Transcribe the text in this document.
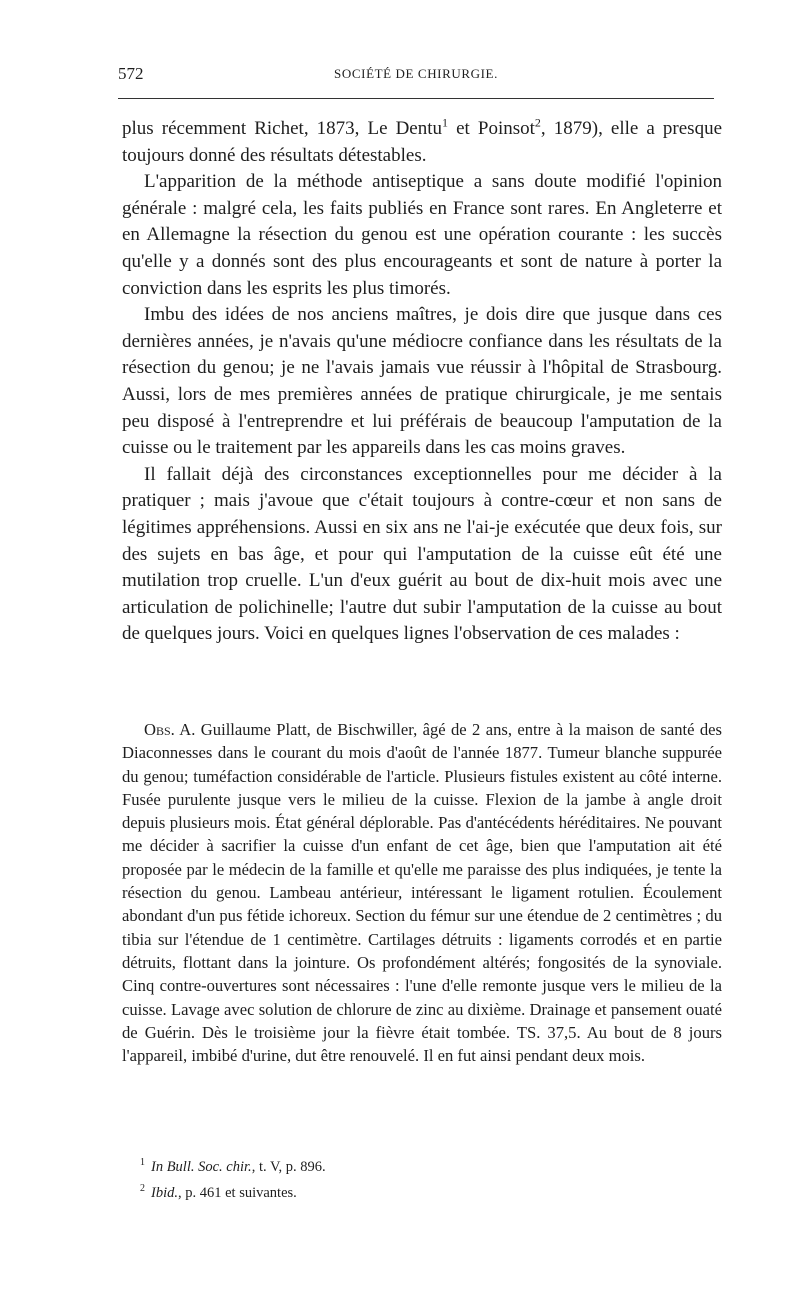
572	SOCIÉTÉ DE CHIRURGIE.

plus récemment Richet, 1873, Le Dentu$^1$ et Poinsot$^2$, 1879), elle a presque toujours donné des résultats détestables.

L'apparition de la méthode antiseptique a sans doute modifié l'opinion générale : malgré cela, les faits publiés en France sont rares. En Angleterre et en Allemagne la résection du genou est une opération courante : les succès qu'elle y a donnés sont des plus encourageants et sont de nature à porter la conviction dans les esprits les plus timorés.

Imbu des idées de nos anciens maîtres, je dois dire que jusque dans ces dernières années, je n'avais qu'une médiocre confiance dans les résultats de la résection du genou; je ne l'avais jamais vue réussir à l'hôpital de Strasbourg. Aussi, lors de mes premières années de pratique chirurgicale, je me sentais peu disposé à l'entreprendre et lui préférais de beaucoup l'amputation de la cuisse ou le traitement par les appareils dans les cas moins graves.

Il fallait déjà des circonstances exceptionnelles pour me décider à la pratiquer ; mais j'avoue que c'était toujours à contre-cœur et non sans de légitimes appréhensions. Aussi en six ans ne l'ai-je exécutée que deux fois, sur des sujets en bas âge, et pour qui l'amputation de la cuisse eût été une mutilation trop cruelle. L'un d'eux guérit au bout de dix-huit mois avec une articulation de polichinelle; l'autre dut subir l'amputation de la cuisse au bout de quelques jours. Voici en quelques lignes l'observation de ces malades :

Obs. A. Guillaume Platt, de Bischwiller, âgé de 2 ans, entre à la maison de santé des Diaconnesses dans le courant du mois d'août de l'année 1877. Tumeur blanche suppurée du genou; tuméfaction considérable de l'article. Plusieurs fistules existent au côté interne. Fusée purulente jusque vers le milieu de la cuisse. Flexion de la jambe à angle droit depuis plusieurs mois. État général déplorable. Pas d'antécédents héréditaires. Ne pouvant me décider à sacrifier la cuisse d'un enfant de cet âge, bien que l'amputation ait été proposée par le médecin de la famille et qu'elle me paraisse des plus indiquées, je tente la résection du genou. Lambeau antérieur, intéressant le ligament rotulien. Écoulement abondant d'un pus fétide ichoreux. Section du fémur sur une étendue de 2 centimètres ; du tibia sur l'étendue de 1 centimètre. Cartilages détruits : ligaments corrodés et en partie détruits, flottant dans la jointure. Os profondément altérés; fongosités de la synoviale. Cinq contre-ouvertures sont nécessaires : l'une d'elle remonte jusque vers le milieu de la cuisse. Lavage avec solution de chlorure de zinc au dixième. Drainage et pansement ouaté de Guérin. Dès le troisième jour la fièvre était tombée. TS. 37,5. Au bout de 8 jours l'appareil, imbibé d'urine, dut être renouvelé. Il en fut ainsi pendant deux mois.

$^1$ In Bull. Soc. chir., t. V, p. 896.
$^2$ Ibid., p. 461 et suivantes.
